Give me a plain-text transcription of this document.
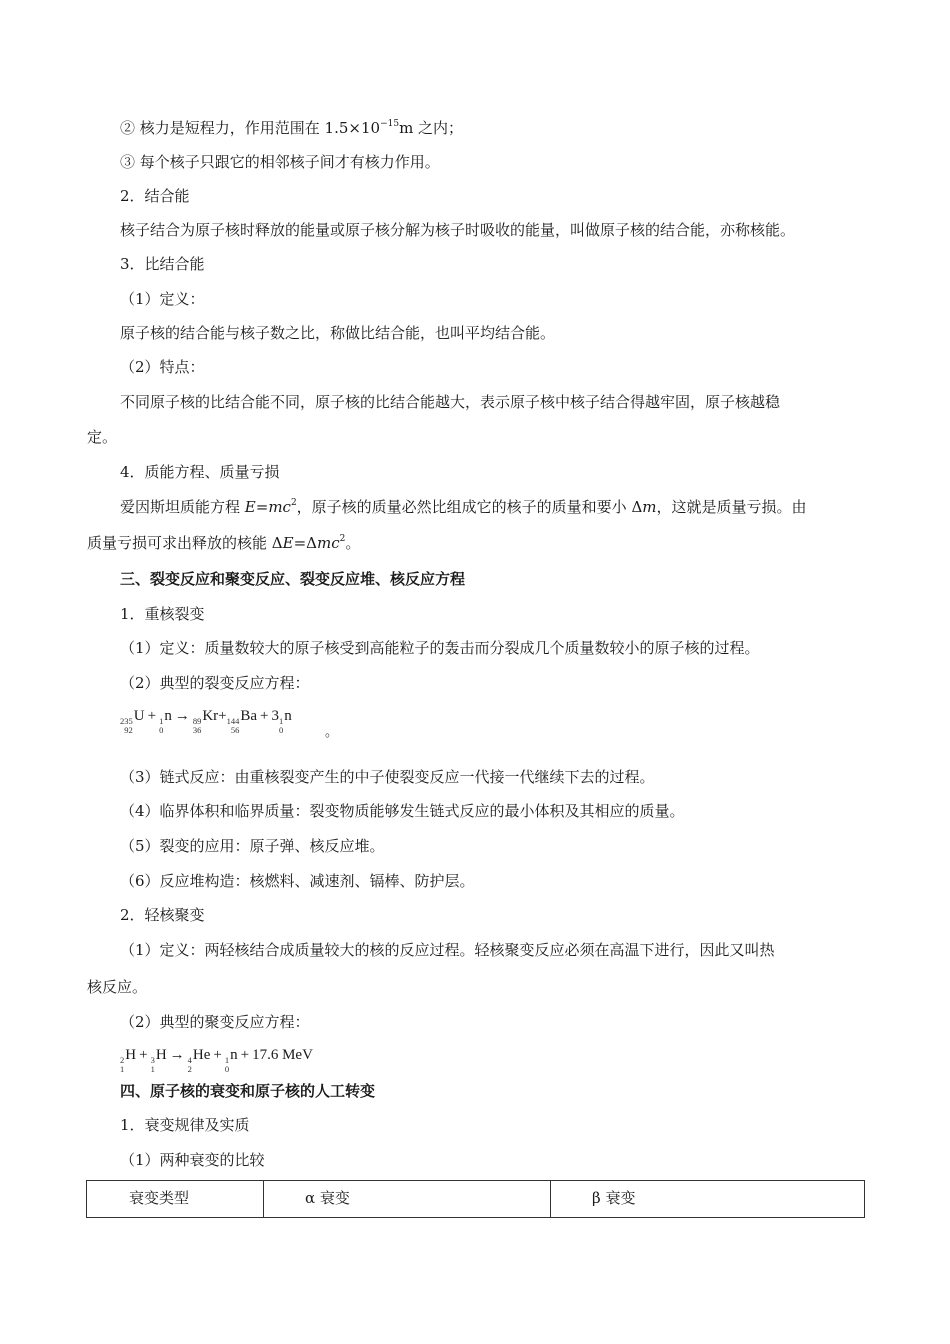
② 核力是短程力，作用范围在 $1.5\times 10^{-15}m$ 之内；
③ 每个核子只跟它的相邻核子间才有核力作用。
2．结合能
核子结合为原子核时释放的能量或原子核分解为核子时吸收的能量，叫做原子核的结合能，亦称核能。
3．比结合能
（1）定义：
原子核的结合能与核子数之比，称做比结合能，也叫平均结合能。
（2）特点：
不同原子核的比结合能不同，原子核的比结合能越大，表示原子核中核子结合得越牢固，原子核越稳
定。
4．质能方程、质量亏损
爱因斯坦质能方程 $E=mc^2$，原子核的质量必然比组成它的核子的质量和要小 Δm，这就是质量亏损。由
质量亏损可求出释放的核能 ΔE=Δmc$^2$。
三、裂变反应和聚变反应、裂变反应堆、核反应方程
1．重核裂变
（1）定义：质量数较大的原子核受到高能粒子的轰击而分裂成几个质量数较小的原子核的过程。
（2）典型的裂变反应方程：
235
92
U + 1
0
n → 89
36
Kr+ 144
56
Ba + 3 1
0
n
。
（3）链式反应：由重核裂变产生的中子使裂变反应一代接一代继续下去的过程。
（4）临界体积和临界质量：裂变物质能够发生链式反应的最小体积及其相应的质量。
（5）裂变的应用：原子弹、核反应堆。
（6）反应堆构造：核燃料、减速剂、镉棒、防护层。
2．轻核聚变
（1）定义：两轻核结合成质量较大的核的反应过程。轻核聚变反应必须在高温下进行，因此又叫热
核反应。
（2）典型的聚变反应方程：
2
1
H + 3
1
H → 4
2
He + 1
0
n + 17.6 MeV
四、原子核的衰变和原子核的人工转变
1．衰变规律及实质
（1）两种衰变的比较
衰变类型	α 衰变	β 衰变
